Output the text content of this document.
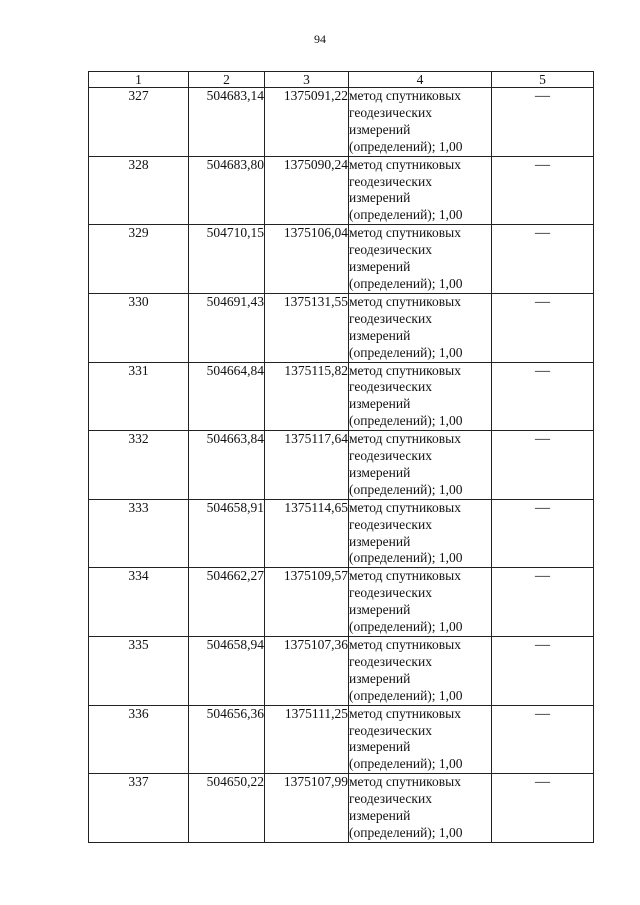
94
1	2	3	4	5
327	504683,14	1375091,22	метод спутниковых
геодезических
измерений
(определений); 1,00	—
328	504683,80	1375090,24	метод спутниковых
геодезических
измерений
(определений); 1,00	—
329	504710,15	1375106,04	метод спутниковых
геодезических
измерений
(определений); 1,00	—
330	504691,43	1375131,55	метод спутниковых
геодезических
измерений
(определений); 1,00	—
331	504664,84	1375115,82	метод спутниковых
геодезических
измерений
(определений); 1,00	—
332	504663,84	1375117,64	метод спутниковых
геодезических
измерений
(определений); 1,00	—
333	504658,91	1375114,65	метод спутниковых
геодезических
измерений
(определений); 1,00	—
334	504662,27	1375109,57	метод спутниковых
геодезических
измерений
(определений); 1,00	—
335	504658,94	1375107,36	метод спутниковых
геодезических
измерений
(определений); 1,00	—
336	504656,36	1375111,25	метод спутниковых
геодезических
измерений
(определений); 1,00	—
337	504650,22	1375107,99	метод спутниковых
геодезических
измерений
(определений); 1,00	—
